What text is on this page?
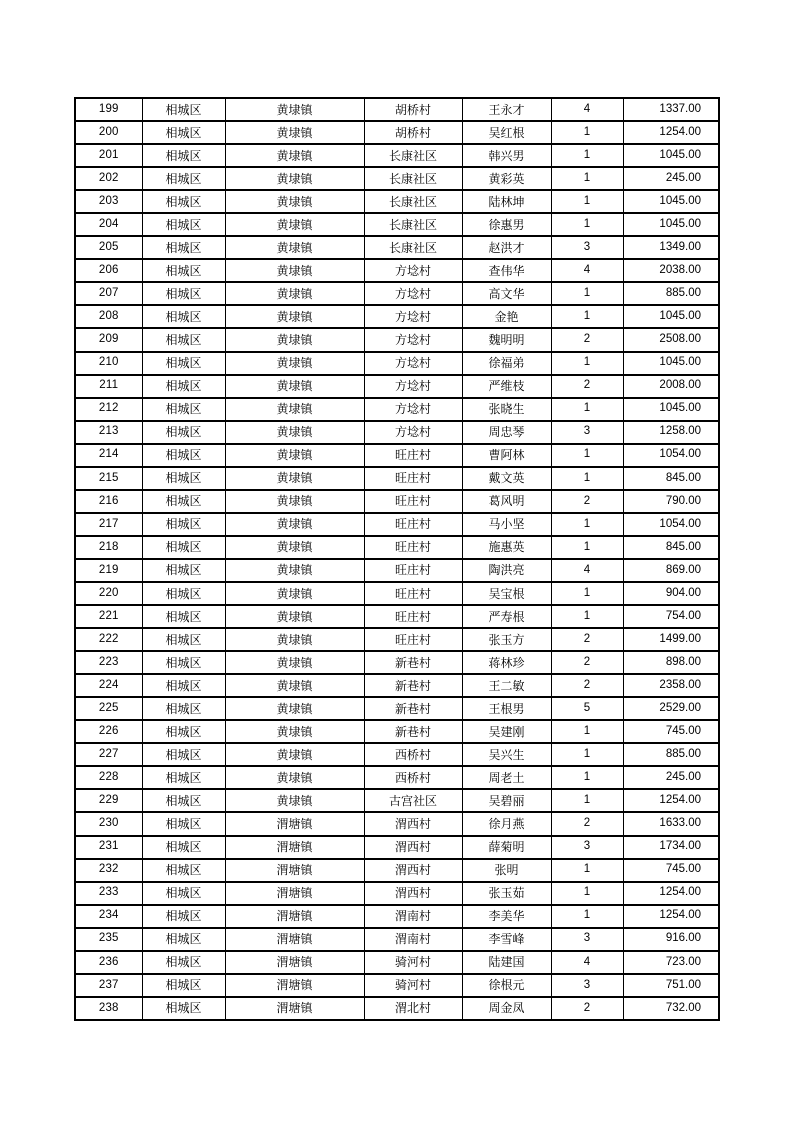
199	相城区	黄埭镇	胡桥村	王永才	4	1337.00
200	相城区	黄埭镇	胡桥村	吴红根	1	1254.00
201	相城区	黄埭镇	长康社区	韩兴男	1	1045.00
202	相城区	黄埭镇	长康社区	黄彩英	1	245.00
203	相城区	黄埭镇	长康社区	陆林坤	1	1045.00
204	相城区	黄埭镇	长康社区	徐惠男	1	1045.00
205	相城区	黄埭镇	长康社区	赵洪才	3	1349.00
206	相城区	黄埭镇	方埝村	查伟华	4	2038.00
207	相城区	黄埭镇	方埝村	高文华	1	885.00
208	相城区	黄埭镇	方埝村	金艳	1	1045.00
209	相城区	黄埭镇	方埝村	魏明明	2	2508.00
210	相城区	黄埭镇	方埝村	徐福弟	1	1045.00
211	相城区	黄埭镇	方埝村	严维枝	2	2008.00
212	相城区	黄埭镇	方埝村	张晓生	1	1045.00
213	相城区	黄埭镇	方埝村	周忠琴	3	1258.00
214	相城区	黄埭镇	旺庄村	曹阿林	1	1054.00
215	相城区	黄埭镇	旺庄村	戴文英	1	845.00
216	相城区	黄埭镇	旺庄村	葛风明	2	790.00
217	相城区	黄埭镇	旺庄村	马小坚	1	1054.00
218	相城区	黄埭镇	旺庄村	施惠英	1	845.00
219	相城区	黄埭镇	旺庄村	陶洪亮	4	869.00
220	相城区	黄埭镇	旺庄村	吴宝根	1	904.00
221	相城区	黄埭镇	旺庄村	严寿根	1	754.00
222	相城区	黄埭镇	旺庄村	张玉方	2	1499.00
223	相城区	黄埭镇	新巷村	蒋林珍	2	898.00
224	相城区	黄埭镇	新巷村	王二敏	2	2358.00
225	相城区	黄埭镇	新巷村	王根男	5	2529.00
226	相城区	黄埭镇	新巷村	吴建刚	1	745.00
227	相城区	黄埭镇	西桥村	吴兴生	1	885.00
228	相城区	黄埭镇	西桥村	周老土	1	245.00
229	相城区	黄埭镇	古宫社区	吴碧丽	1	1254.00
230	相城区	渭塘镇	渭西村	徐月燕	2	1633.00
231	相城区	渭塘镇	渭西村	薛菊明	3	1734.00
232	相城区	渭塘镇	渭西村	张明	1	745.00
233	相城区	渭塘镇	渭西村	张玉茹	1	1254.00
234	相城区	渭塘镇	渭南村	李美华	1	1254.00
235	相城区	渭塘镇	渭南村	李雪峰	3	916.00
236	相城区	渭塘镇	骑河村	陆建国	4	723.00
237	相城区	渭塘镇	骑河村	徐根元	3	751.00
238	相城区	渭塘镇	渭北村	周金凤	2	732.00
